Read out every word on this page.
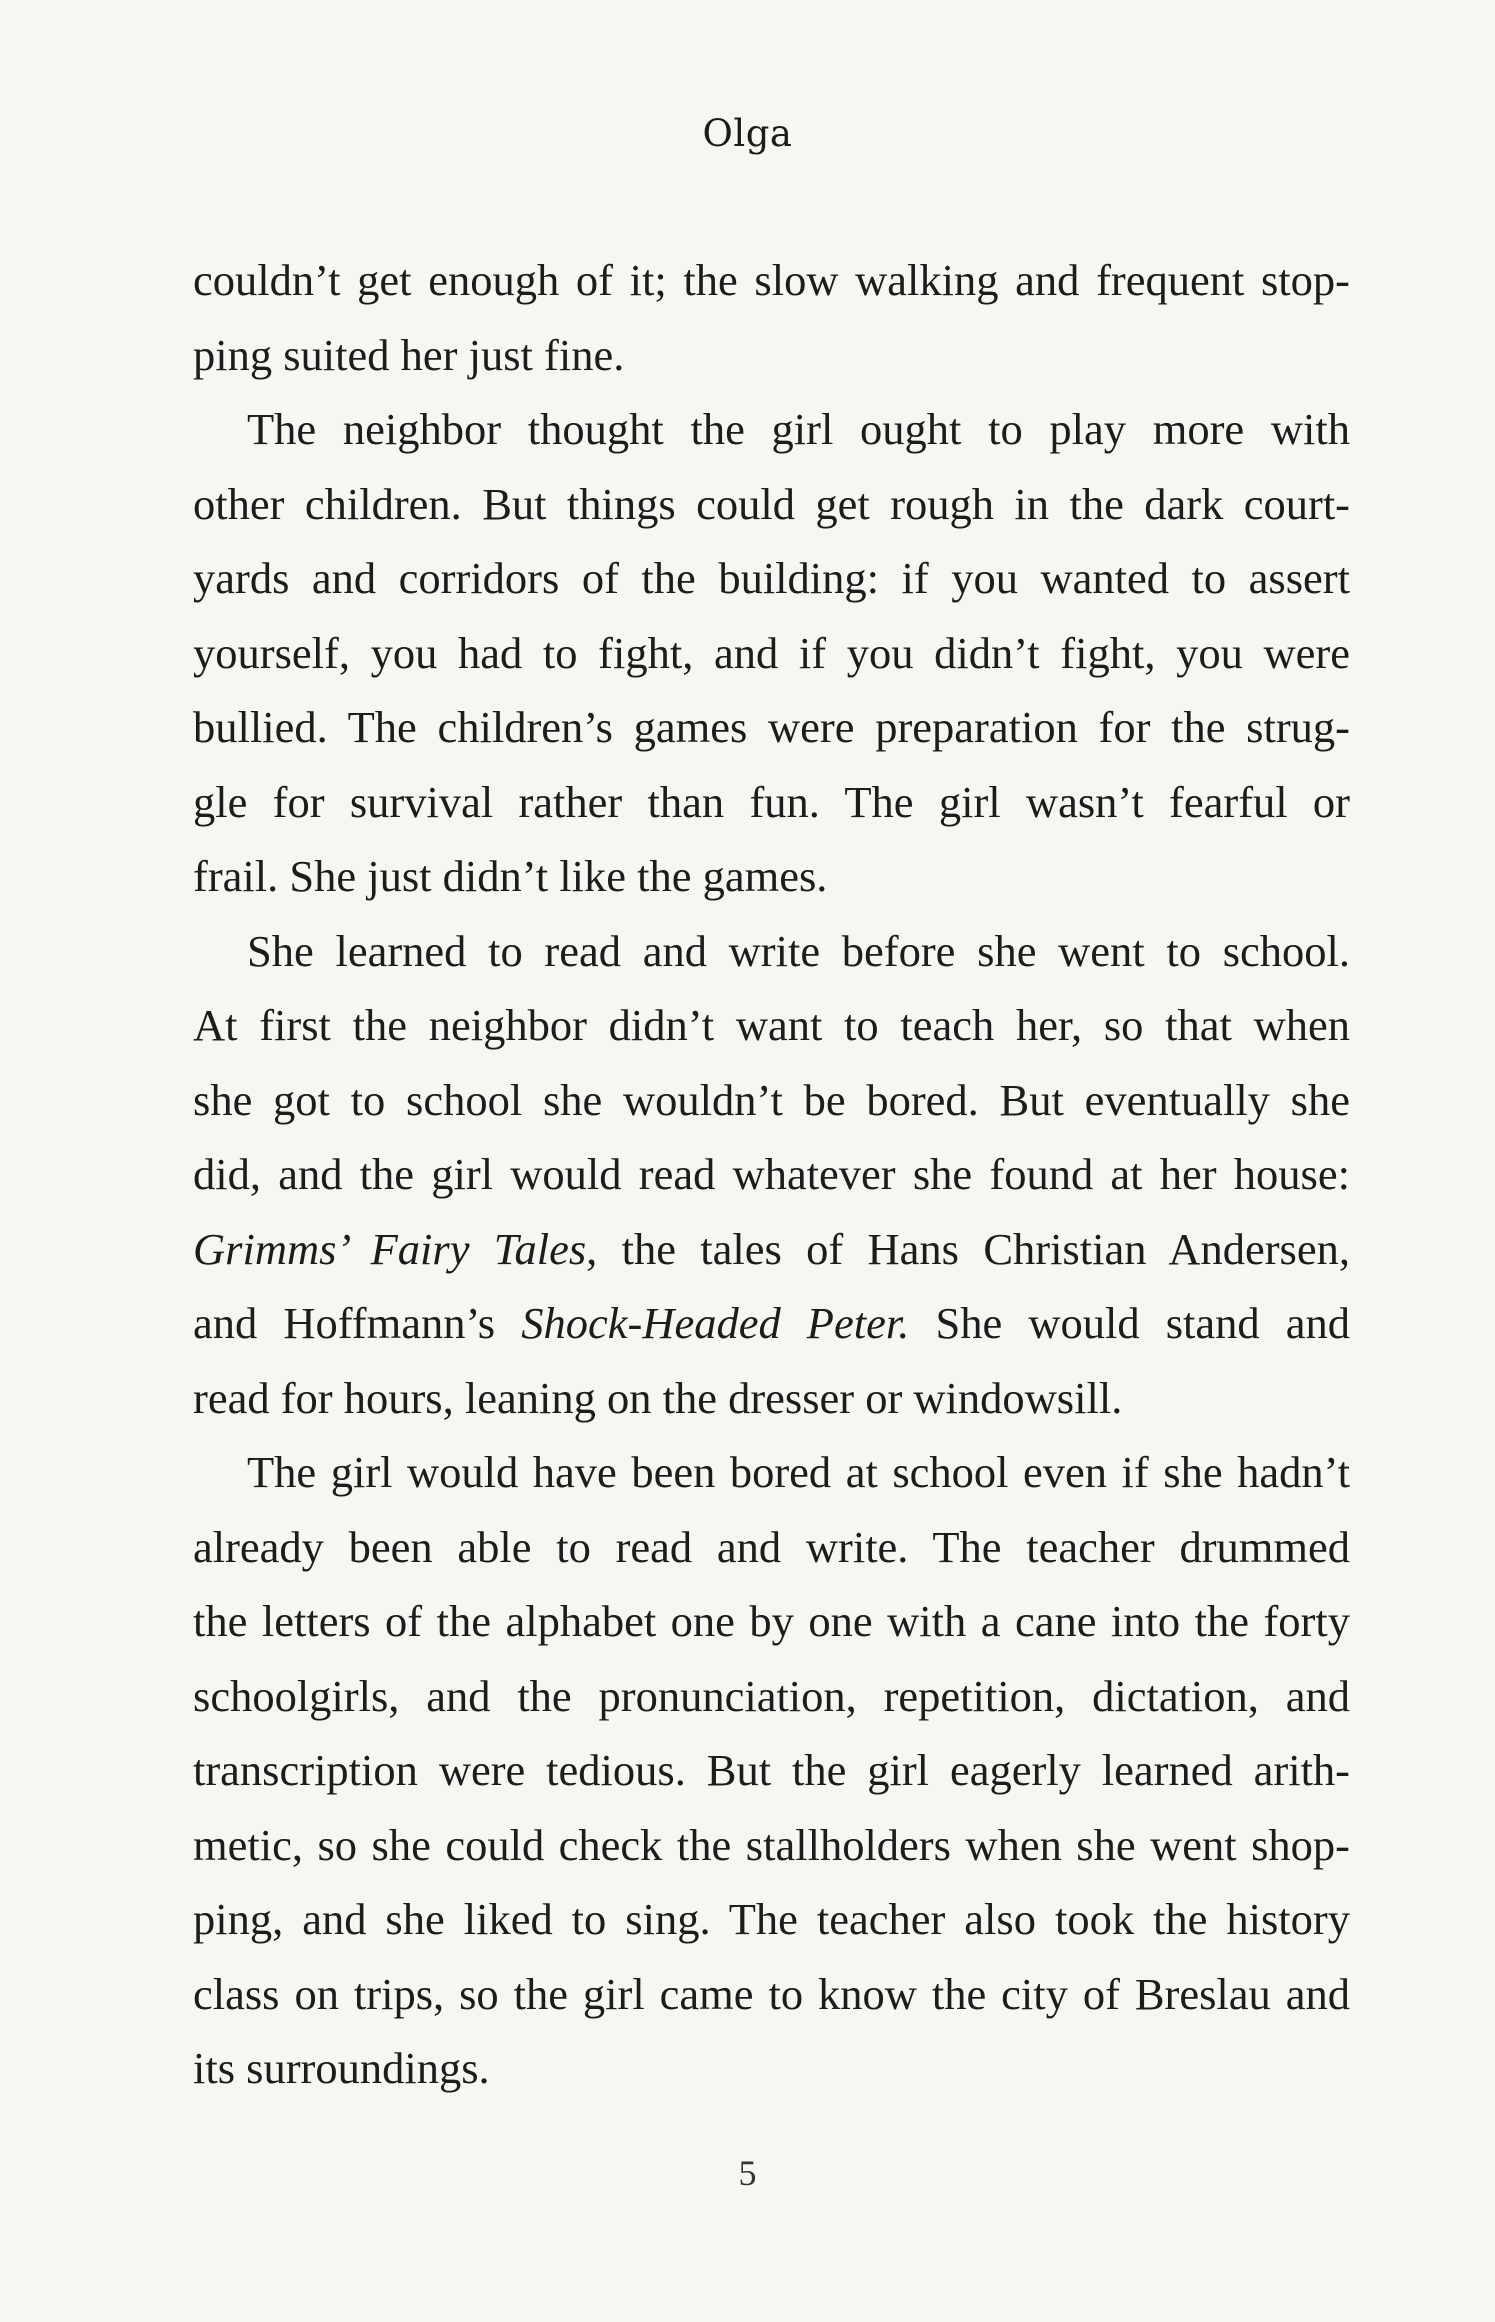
Olga
couldn’t get enough of it; the slow walking and frequent stop-
ping suited her just fine.
The neighbor thought the girl ought to play more with
other children. But things could get rough in the dark court-
yards and corridors of the building: if you wanted to assert
yourself, you had to fight, and if you didn’t fight, you were
bullied. The children’s games were preparation for the strug-
gle for survival rather than fun. The girl wasn’t fearful or
frail. She just didn’t like the games.
She learned to read and write before she went to school.
At first the neighbor didn’t want to teach her, so that when
she got to school she wouldn’t be bored. But eventually she
did, and the girl would read whatever she found at her house:
Grimms’ Fairy Tales, the tales of Hans Christian Andersen,
and Hoffmann’s Shock-Headed Peter. She would stand and
read for hours, leaning on the dresser or windowsill.
The girl would have been bored at school even if she hadn’t
already been able to read and write. The teacher drummed
the letters of the alphabet one by one with a cane into the forty
schoolgirls, and the pronunciation, repetition, dictation, and
transcription were tedious. But the girl eagerly learned arith-
metic, so she could check the stallholders when she went shop-
ping, and she liked to sing. The teacher also took the history
class on trips, so the girl came to know the city of Breslau and
its surroundings.
5
